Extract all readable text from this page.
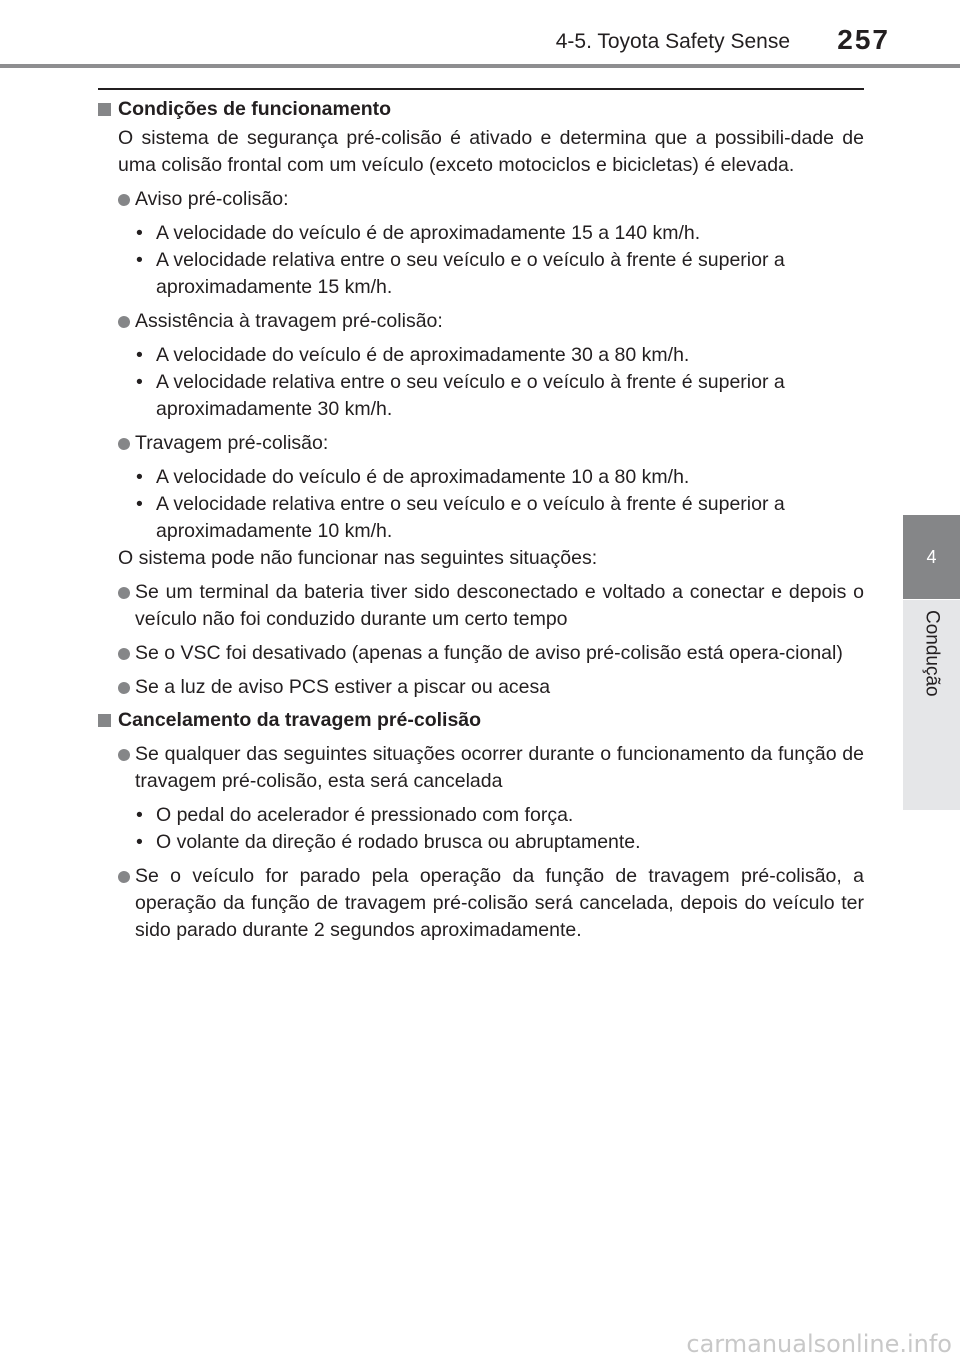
4-5. Toyota Safety Sense 257
4
Condução
Condições de funcionamento
O sistema de segurança pré-colisão é ativado e determina que a possibili-dade de uma colisão frontal com um veículo (exceto motociclos e bicicletas) é elevada.
Aviso pré-colisão:
• A velocidade do veículo é de aproximadamente 15 a 140 km/h.
• A velocidade relativa entre o seu veículo e o veículo à frente é superior a aproximadamente 15 km/h.
Assistência à travagem pré-colisão:
• A velocidade do veículo é de aproximadamente 30 a 80 km/h.
• A velocidade relativa entre o seu veículo e o veículo à frente é superior a aproximadamente 30 km/h.
Travagem pré-colisão:
• A velocidade do veículo é de aproximadamente 10 a 80 km/h.
• A velocidade relativa entre o seu veículo e o veículo à frente é superior a aproximadamente 10 km/h.
O sistema pode não funcionar nas seguintes situações:
Se um terminal da bateria tiver sido desconectado e voltado a conectar e depois o veículo não foi conduzido durante um certo tempo
Se o VSC foi desativado (apenas a função de aviso pré-colisão está opera-cional)
Se a luz de aviso PCS estiver a piscar ou acesa
Cancelamento da travagem pré-colisão
Se qualquer das seguintes situações ocorrer durante o funcionamento da função de travagem pré-colisão, esta será cancelada
• O pedal do acelerador é pressionado com força.
• O volante da direção é rodado brusca ou abruptamente.
Se o veículo for parado pela operação da função de travagem pré-colisão, a operação da função de travagem pré-colisão será cancelada, depois do veículo ter sido parado durante 2 segundos aproximadamente.
carmanualsonline.info
